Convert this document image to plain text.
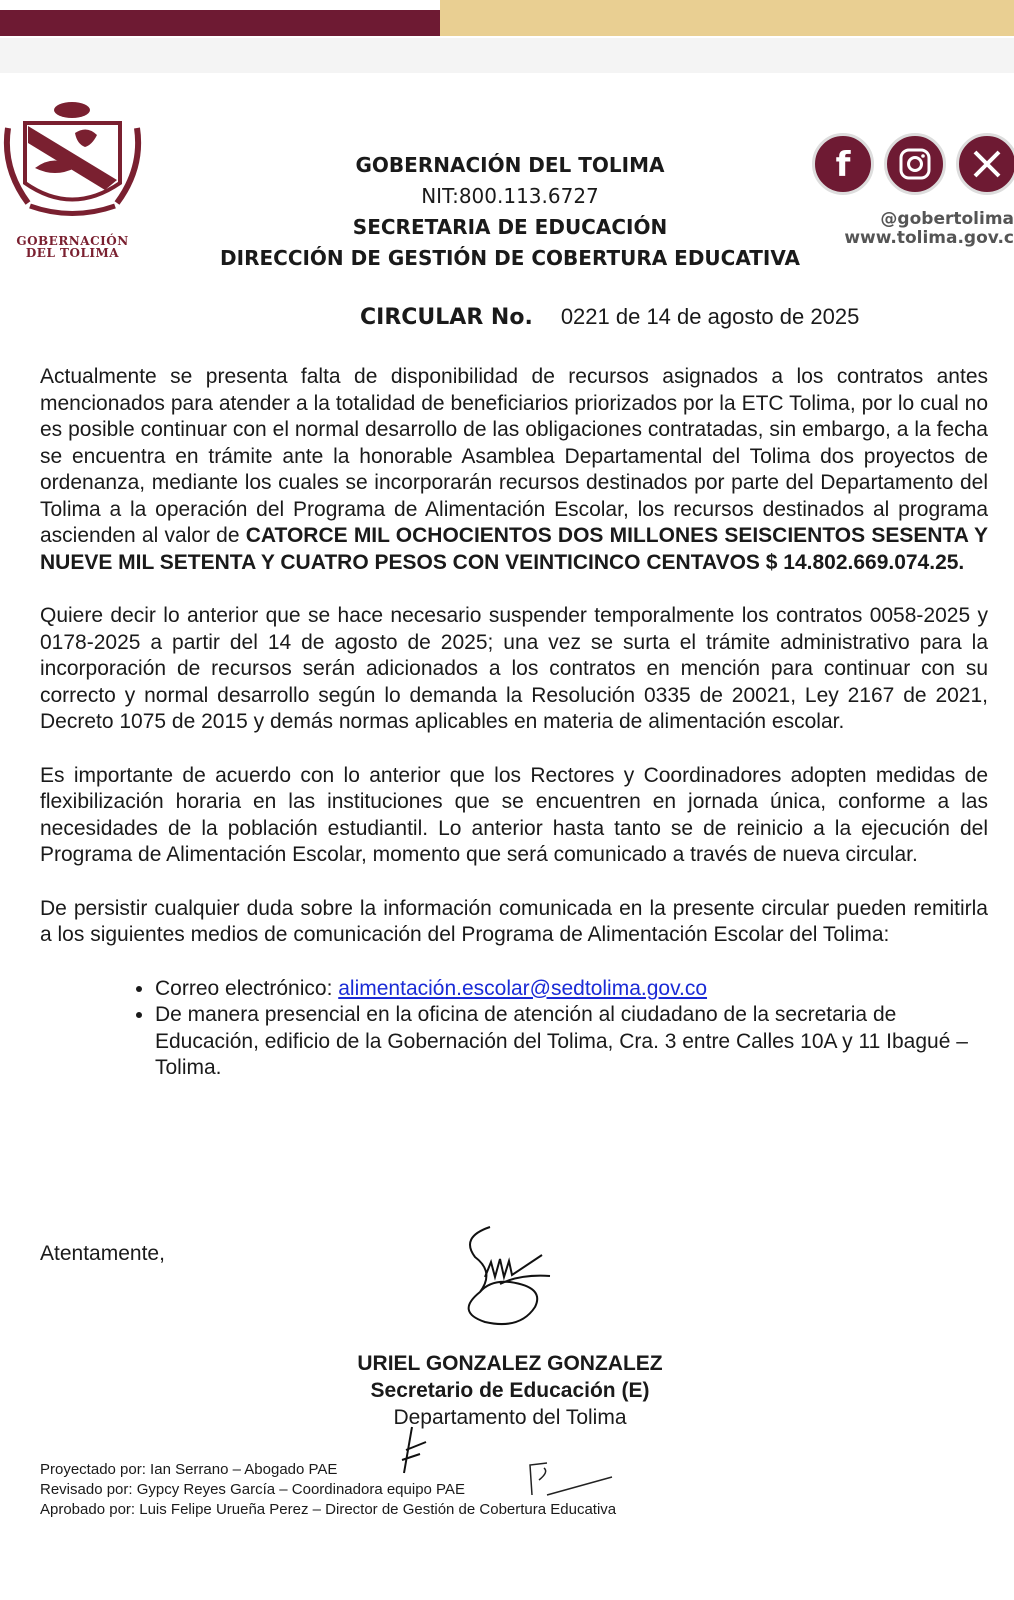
GOBERNACIÓN
DEL TOLIMA
GOBERNACIÓN DEL TOLIMA
NIT:800.113.6727
SECRETARIA DE EDUCACIÓN
DIRECCIÓN DE GESTIÓN DE COBERTURA EDUCATIVA
f
@gobertolima
www.tolima.gov.c
CIRCULAR No. 0221 de 14 de agosto de 2025

Actualmente se presenta falta de disponibilidad de recursos asignados a los contratos antes mencionados para atender a la totalidad de beneficiarios priorizados por la ETC Tolima, por lo cual no es posible continuar con el normal desarrollo de las obligaciones contratadas, sin embargo, a la fecha se encuentra en trámite ante la honorable Asamblea Departamental del Tolima dos proyectos de ordenanza, mediante los cuales se incorporarán recursos destinados por parte del Departamento del Tolima a la operación del Programa de Alimentación Escolar, los recursos destinados al programa ascienden al valor de CATORCE MIL OCHOCIENTOS DOS MILLONES SEISCIENTOS SESENTA Y NUEVE MIL SETENTA Y CUATRO PESOS CON VEINTICINCO CENTAVOS $ 14.802.669.074.25.

Quiere decir lo anterior que se hace necesario suspender temporalmente los contratos 0058-2025 y 0178-2025 a partir del 14 de agosto de 2025; una vez se surta el trámite administrativo para la incorporación de recursos serán adicionados a los contratos en mención para continuar con su correcto y normal desarrollo según lo demanda la Resolución 0335 de 20021, Ley 2167 de 2021, Decreto 1075 de 2015 y demás normas aplicables en materia de alimentación escolar.

Es importante de acuerdo con lo anterior que los Rectores y Coordinadores adopten medidas de flexibilización horaria en las instituciones que se encuentren en jornada única, conforme a las necesidades de la población estudiantil. Lo anterior hasta tanto se de reinicio a la ejecución del Programa de Alimentación Escolar, momento que será comunicado a través de nueva circular.

De persistir cualquier duda sobre la información comunicada en la presente circular pueden remitirla a los siguientes medios de comunicación del Programa de Alimentación Escolar del Tolima:

• Correo electrónico: alimentación.escolar@sedtolima.gov.co
• De manera presencial en la oficina de atención al ciudadano de la secretaria de Educación, edificio de la Gobernación del Tolima, Cra. 3 entre Calles 10A y 11 Ibagué – Tolima.
Atentamente,
URIEL GONZALEZ GONZALEZ
Secretario de Educación (E)
Departamento del Tolima
Proyectado por: Ian Serrano – Abogado PAE
Revisado por: Gypcy Reyes García – Coordinadora equipo PAE
Aprobado por: Luis Felipe Urueña Perez – Director de Gestión de Cobertura Educativa
